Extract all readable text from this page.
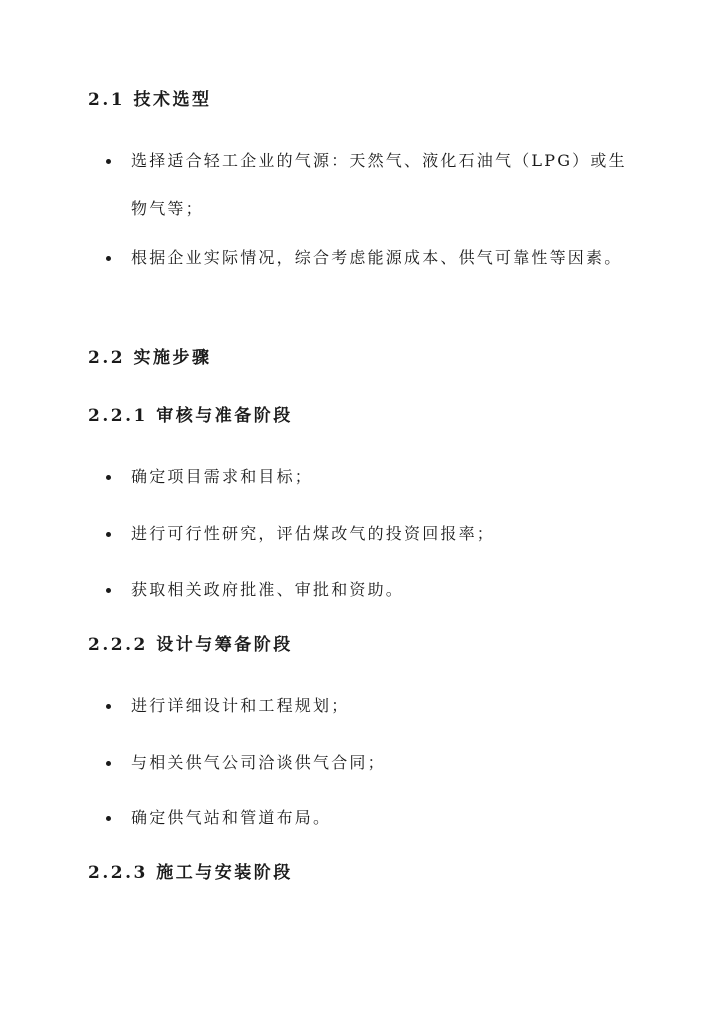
2.1 技术选型
选择适合轻工企业的气源：天然气、液化石油气（LPG）或生物气等；
根据企业实际情况，综合考虑能源成本、供气可靠性等因素。
2.2 实施步骤
2.2.1 审核与准备阶段
确定项目需求和目标；
进行可行性研究，评估煤改气的投资回报率；
获取相关政府批准、审批和资助。
2.2.2 设计与筹备阶段
进行详细设计和工程规划；
与相关供气公司洽谈供气合同；
确定供气站和管道布局。
2.2.3 施工与安装阶段
